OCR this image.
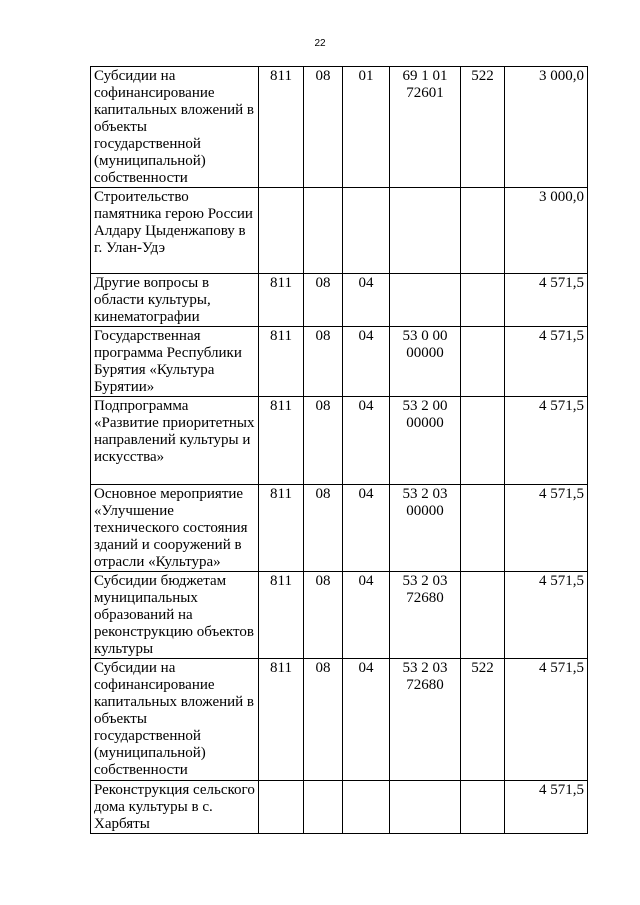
22
Субсидии на софинансирование капитальных вложений в объекты государственной (муниципальной) собственности	811	08	01	69 1 01 72601	522	3 000,0
Строительство памятника герою России Алдару Цыденжапову в г. Улан-Удэ						3 000,0
Другие вопросы в области культуры, кинематографии	811	08	04			4 571,5
Государственная программа Республики Бурятия «Культура Бурятии»	811	08	04	53 0 00 00000		4 571,5
Подпрограмма «Развитие приоритетных направлений культуры и искусства»	811	08	04	53 2 00 00000		4 571,5
Основное мероприятие «Улучшение технического состояния зданий и сооружений в отрасли «Культура»	811	08	04	53 2 03 00000		4 571,5
Субсидии бюджетам муниципальных образований на реконструкцию объектов культуры	811	08	04	53 2 03 72680		4 571,5
Субсидии на софинансирование капитальных вложений в объекты государственной (муниципальной) собственности	811	08	04	53 2 03 72680	522	4 571,5
Реконструкция сельского дома культуры в с. Харбяты						4 571,5
